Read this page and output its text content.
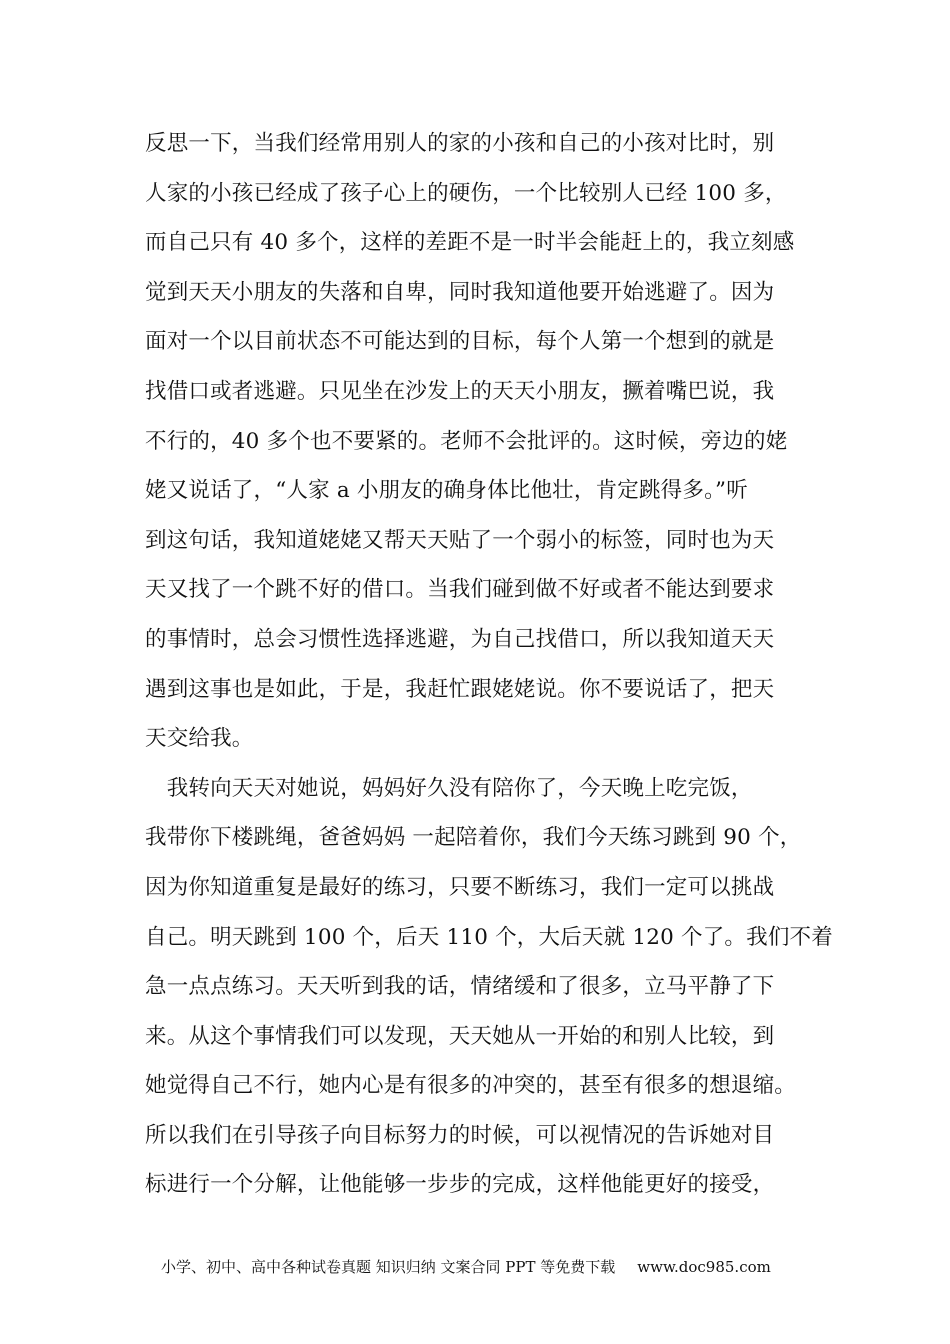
反思一下，当我们经常用别人的家的小孩和自己的小孩对比时，别
人家的小孩已经成了孩子心上的硬伤，一个比较别人已经 100 多，
而自己只有 40 多个，这样的差距不是一时半会能赶上的，我立刻感
觉到天天小朋友的失落和自卑，同时我知道他要开始逃避了。因为
面对一个以目前状态不可能达到的目标，每个人第一个想到的就是
找借口或者逃避。只见坐在沙发上的天天小朋友，撅着嘴巴说，我
不行的，40 多个也不要紧的。老师不会批评的。这时候，旁边的姥
姥又说话了，“人家 a 小朋友的确身体比他壮，肯定跳得多。”听
到这句话，我知道姥姥又帮天天贴了一个弱小的标签，同时也为天
天又找了一个跳不好的借口。当我们碰到做不好或者不能达到要求
的事情时，总会习惯性选择逃避，为自己找借口，所以我知道天天
遇到这事也是如此，于是，我赶忙跟姥姥说。你不要说话了，把天
天交给我。
　我转向天天对她说，妈妈好久没有陪你了，今天晚上吃完饭，
我带你下楼跳绳，爸爸妈妈 一起陪着你，我们今天练习跳到 90 个，
因为你知道重复是最好的练习，只要不断练习，我们一定可以挑战
自己。明天跳到 100 个，后天 110 个，大后天就 120 个了。我们不着
急一点点练习。天天听到我的话，情绪缓和了很多，立马平静了下
来。从这个事情我们可以发现，天天她从一开始的和别人比较，到
她觉得自己不行，她内心是有很多的冲突的，甚至有很多的想退缩。
所以我们在引导孩子向目标努力的时候，可以视情况的告诉她对目
标进行一个分解，让他能够一步步的完成，这样他能更好的接受，
小学、初中、高中各种试卷真题 知识归纳 文案合同 PPT 等免费下载 www.doc985.com
